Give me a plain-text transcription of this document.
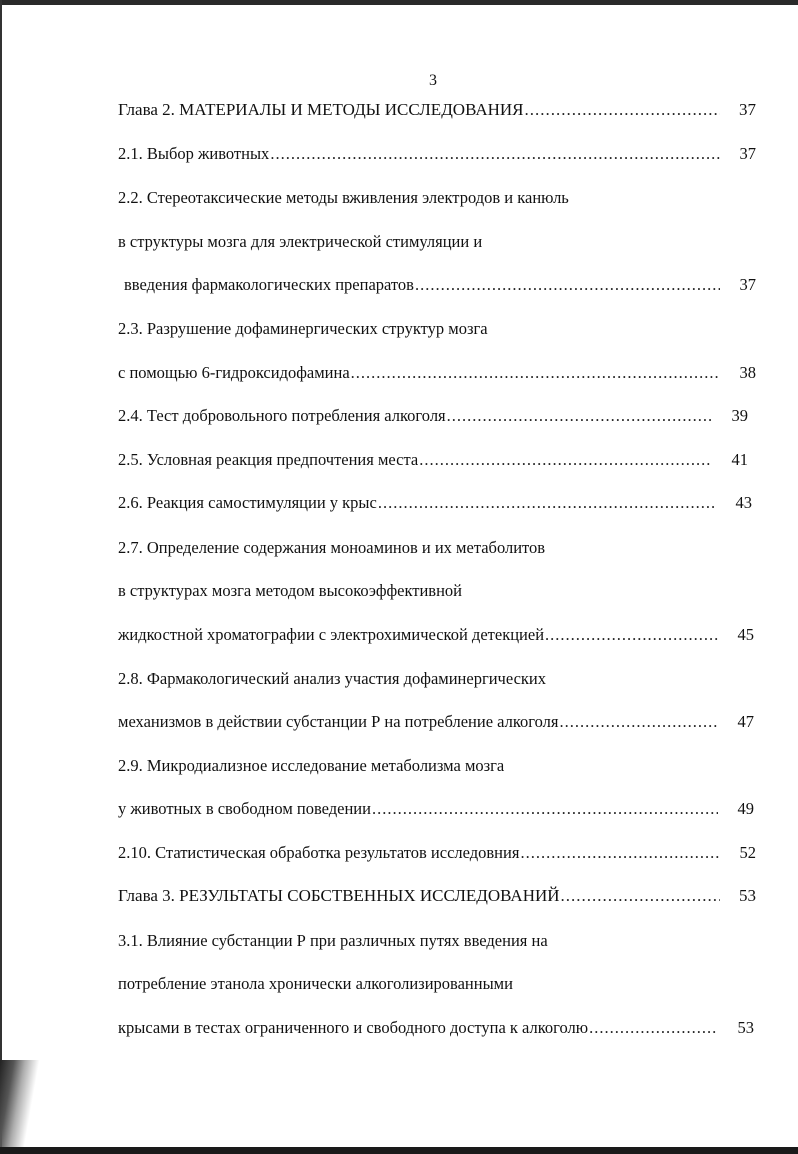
3
Глава 2. МАТЕРИАЛЫ И МЕТОДЫ ИССЛЕДОВАНИЯ .....	37
2.1. Выбор животных .....	37
2.2. Стереотаксические методы вживления электродов и канюль
в структуры мозга для электрической стимуляции и
введения фармакологических препаратов .....	37
2.3. Разрушение дофаминергических структур мозга
с помощью 6-гидроксидофамина .....	38
2.4. Тест добровольного потребления алкоголя .....	39
2.5. Условная реакция предпочтения места .....	41
2.6. Реакция самостимуляции у крыс .....	43
2.7. Определение содержания моноаминов и их метаболитов
в структурах мозга методом высокоэффективной
жидкостной хроматографии с электрохимической детекцией .....	45
2.8. Фармакологический анализ участия дофаминергических
механизмов в действии субстанции Р на потребление алкоголя .....	47
2.9. Микродиализное исследование метаболизма мозга
у животных в свободном поведении .....	49
2.10. Статистическая обработка результатов исследовния .....	52
Глава 3. РЕЗУЛЬТАТЫ СОБСТВЕННЫХ ИССЛЕДОВАНИЙ .....	53
3.1. Влияние субстанции Р при различных путях введения на
потребление этанола хронически алкоголизированными
крысами в тестах ограниченного и свободного доступа к алкоголю .....	53
